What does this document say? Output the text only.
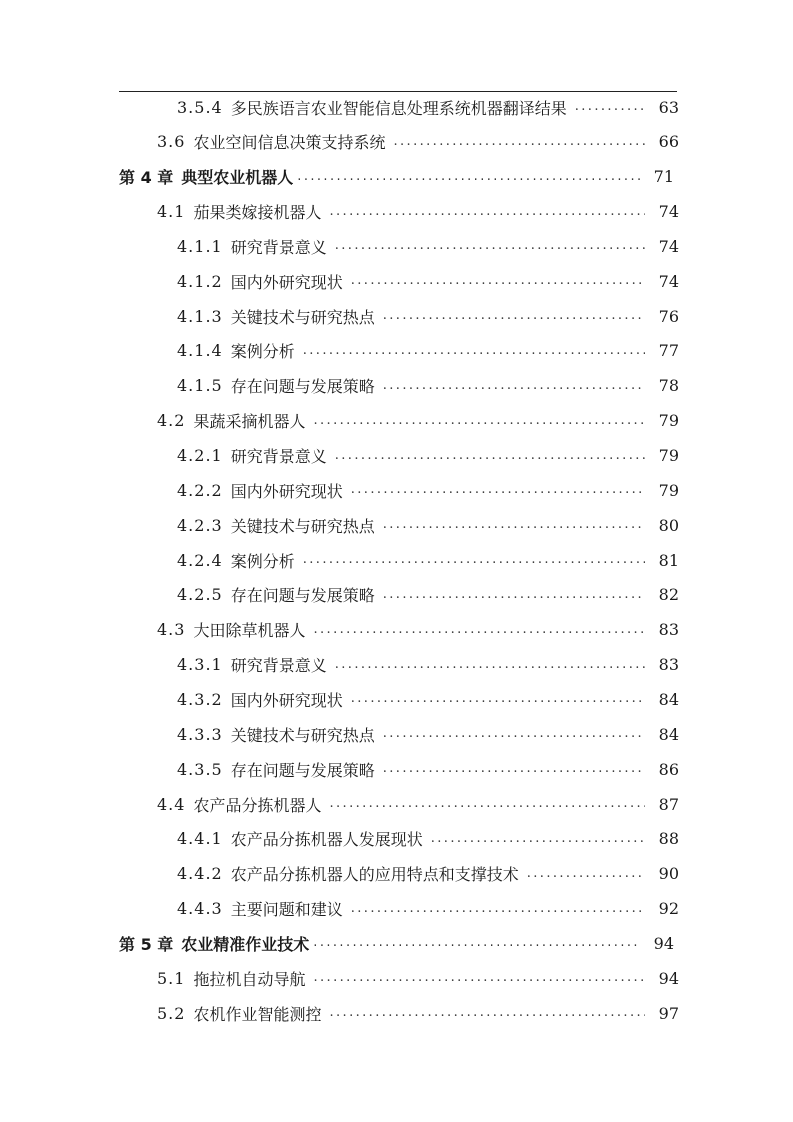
3.5.4 多民族语言农业智能信息处理系统机器翻译结果 .....	63
3.6 农业空间信息决策支持系统 .....	66
第 4 章 典型农业机器人 .....	71
4.1 茄果类嫁接机器人 .....	74
4.1.1 研究背景意义 .....	74
4.1.2 国内外研究现状 .....	74
4.1.3 关键技术与研究热点 .....	76
4.1.4 案例分析 .....	77
4.1.5 存在问题与发展策略 .....	78
4.2 果蔬采摘机器人 .....	79
4.2.1 研究背景意义 .....	79
4.2.2 国内外研究现状 .....	79
4.2.3 关键技术与研究热点 .....	80
4.2.4 案例分析 .....	81
4.2.5 存在问题与发展策略 .....	82
4.3 大田除草机器人 .....	83
4.3.1 研究背景意义 .....	83
4.3.2 国内外研究现状 .....	84
4.3.3 关键技术与研究热点 .....	84
4.3.5 存在问题与发展策略 .....	86
4.4 农产品分拣机器人 .....	87
4.4.1 农产品分拣机器人发展现状 .....	88
4.4.2 农产品分拣机器人的应用特点和支撑技术 .....	90
4.4.3 主要问题和建议 .....	92
第 5 章 农业精准作业技术 .....	94
5.1 拖拉机自动导航 .....	94
5.2 农机作业智能测控 .....	97
